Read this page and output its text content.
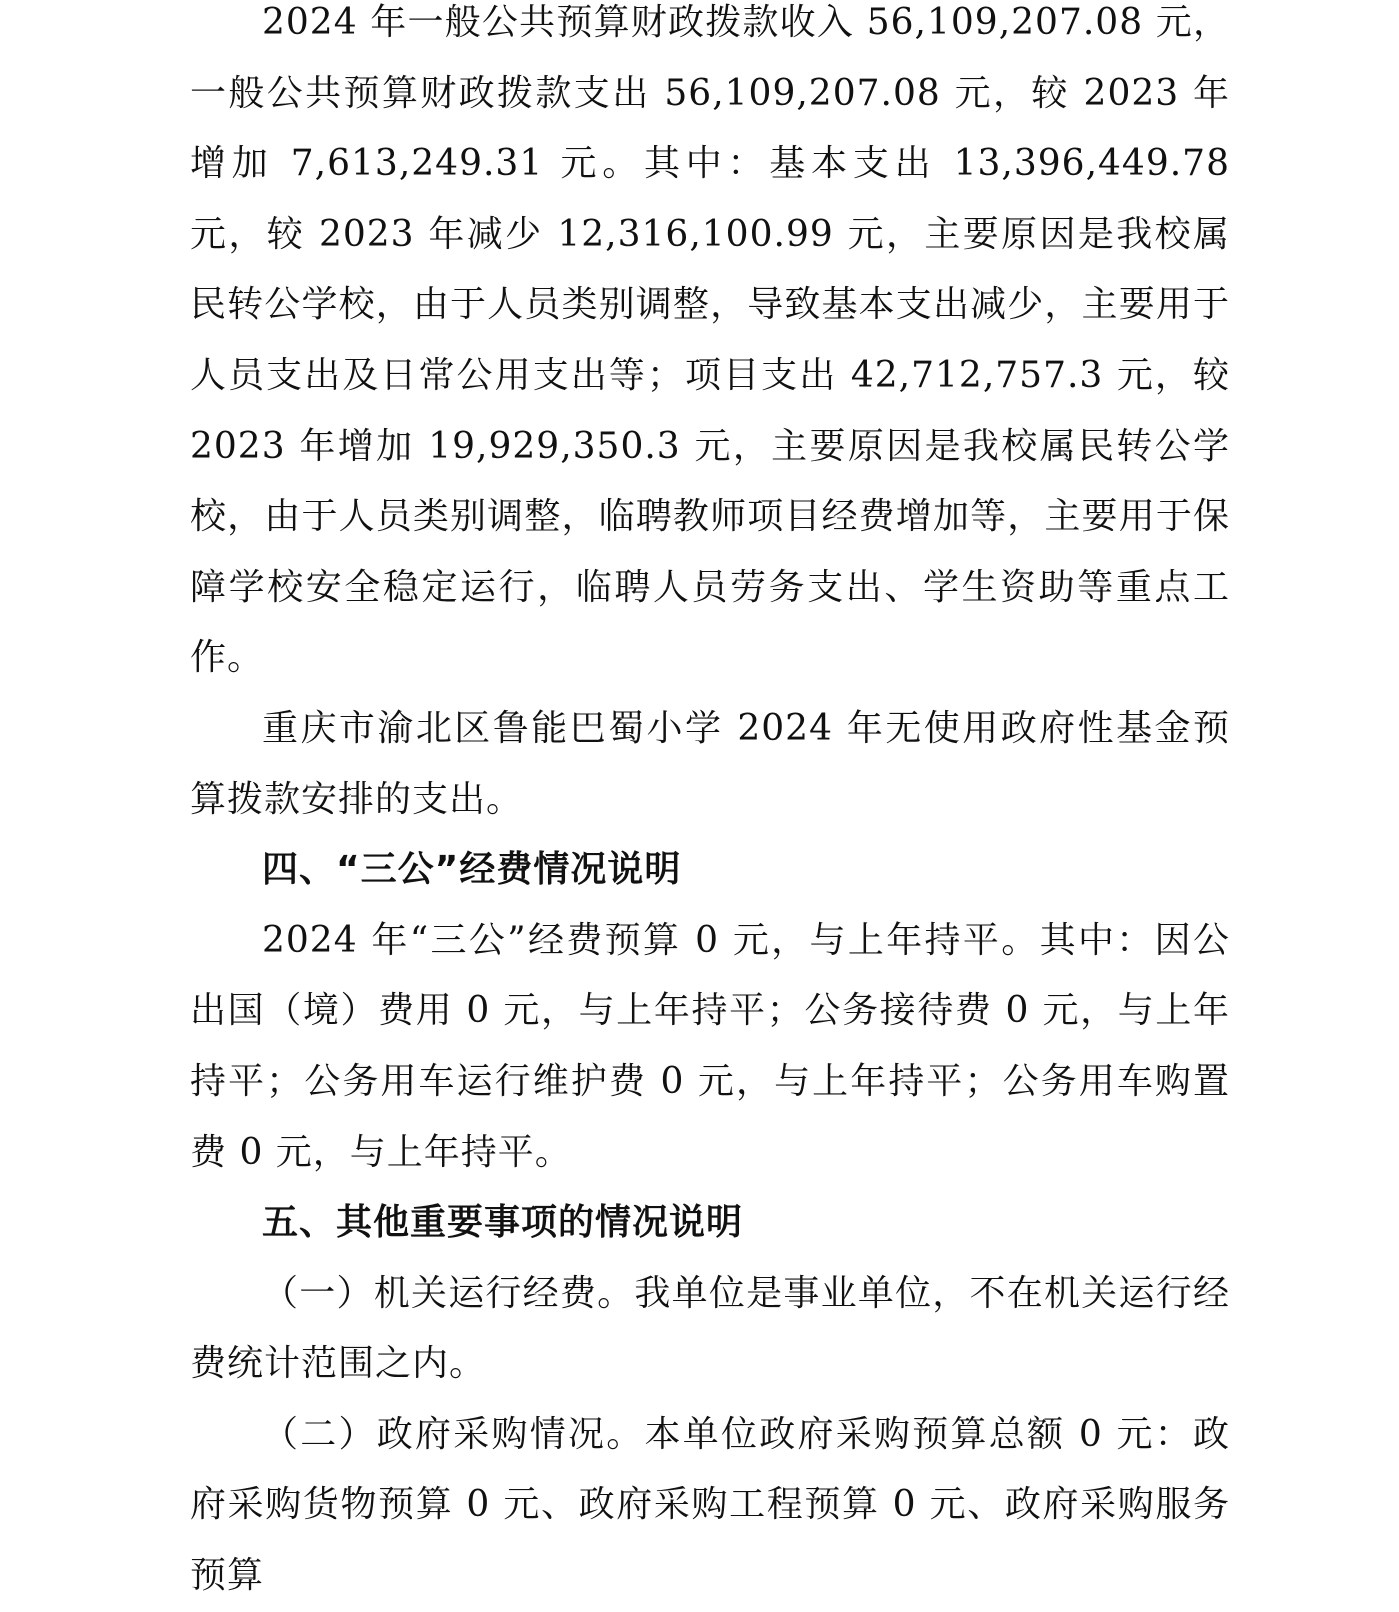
2024 年一般公共预算财政拨款收入 56,109,207.08 元，一般公共预算财政拨款支出 56,109,207.08 元，较 2023 年增加 7,613,249.31 元。其中：基本支出 13,396,449.78 元，较 2023 年减少 12,316,100.99 元，主要原因是我校属民转公学校，由于人员类别调整，导致基本支出减少，主要用于人员支出及日常公用支出等；项目支出 42,712,757.3 元，较 2023 年增加 19,929,350.3 元，主要原因是我校属民转公学校，由于人员类别调整，临聘教师项目经费增加等，主要用于保障学校安全稳定运行，临聘人员劳务支出、学生资助等重点工作。

重庆市渝北区鲁能巴蜀小学 2024 年无使用政府性基金预算拨款安排的支出。

四、“三公”经费情况说明

2024 年“三公”经费预算 0 元，与上年持平。其中：因公出国（境）费用 0 元，与上年持平；公务接待费 0 元，与上年持平；公务用车运行维护费 0 元，与上年持平；公务用车购置费 0 元，与上年持平。

五、其他重要事项的情况说明

（一）机关运行经费。我单位是事业单位，不在机关运行经费统计范围之内。

（二）政府采购情况。本单位政府采购预算总额 0 元：政府采购货物预算 0 元、政府采购工程预算 0 元、政府采购服务预算
